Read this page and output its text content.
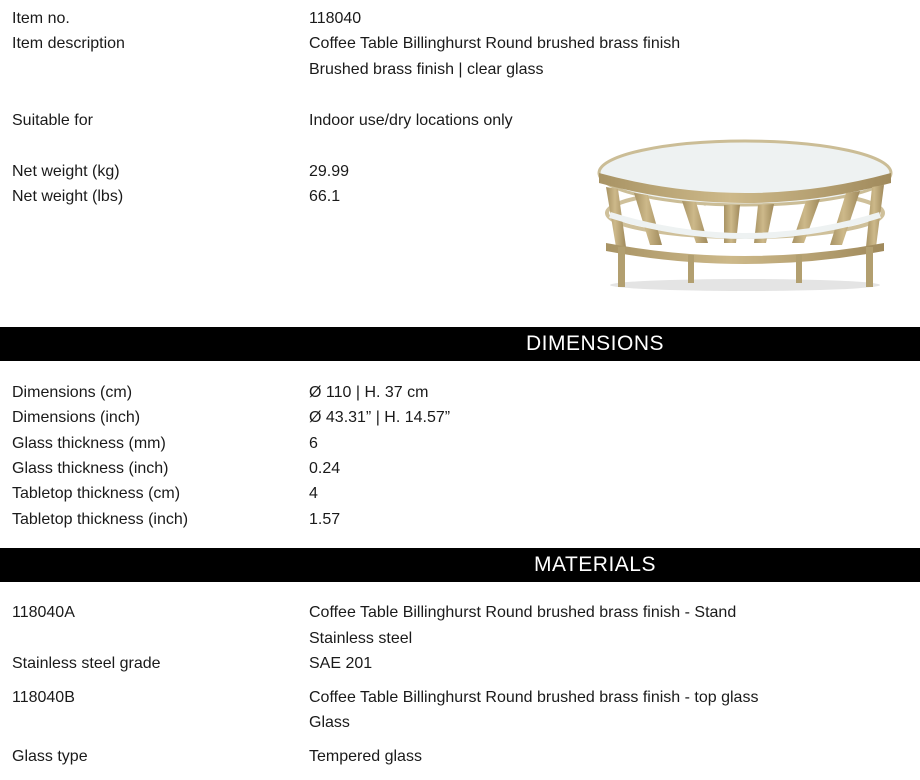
Item no.	118040
Item description	Coffee Table Billinghurst Round brushed brass finish
Brushed brass finish | clear glass
Suitable for	Indoor use/dry locations only
Net weight (kg)	29.99
Net weight (lbs)	66.1
DIMENSIONS
Dimensions (cm)	Ø 110 | H. 37 cm
Dimensions (inch)	Ø 43.31” | H. 14.57”
Glass thickness (mm)	6
Glass thickness (inch)	0.24
Tabletop thickness (cm)	4
Tabletop thickness (inch)	1.57
MATERIALS
118040A	Coffee Table Billinghurst Round brushed brass finish - Stand
Stainless steel
Stainless steel grade	SAE 201
118040B	Coffee Table Billinghurst Round brushed brass finish - top glass
Glass
Glass type	Tempered glass
